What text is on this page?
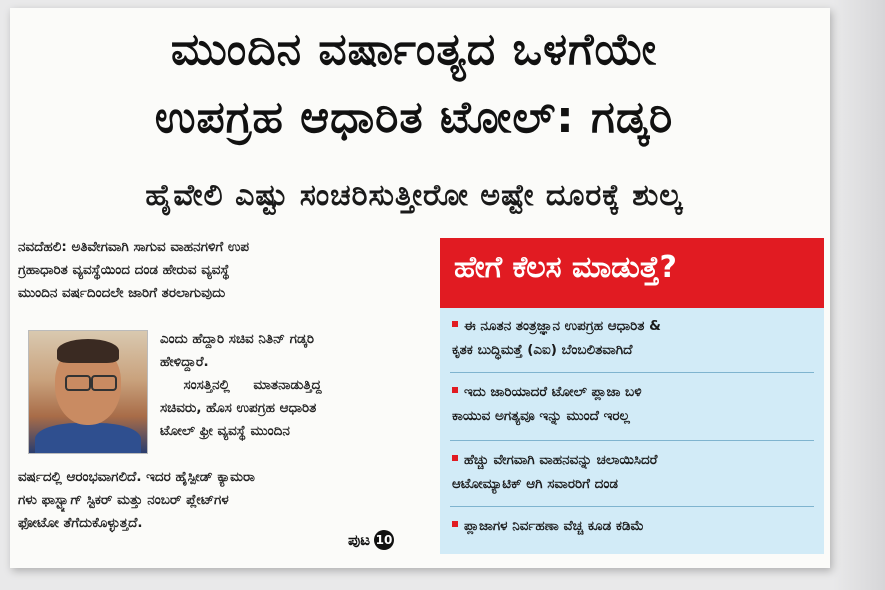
ಮುಂದಿನ ವರ್ಷಾಂತ್ಯದ ಒಳಗೆಯೇ
ಉಪಗ್ರಹ ಆಧಾರಿತ ಟೋಲ್: ಗಡ್ಕರಿ
ಹೈವೇಲಿ ಎಷ್ಟು ಸಂಚರಿಸುತ್ತೀರೋ ಅಷ್ಟೇ ದೂರಕ್ಕೆ ಶುಲ್ಕ
ನವದೆಹಲಿ: ಅತಿವೇಗವಾಗಿ ಸಾಗುವ ವಾಹನಗಳಿಗೆ ಉಪ
ಗ್ರಹಾಧಾರಿತ ವ್ಯವಸ್ಥೆಯಿಂದ ದಂಡ ಹೇರುವ ವ್ಯವಸ್ಥೆ
ಮುಂದಿನ ವರ್ಷದಿಂದಲೇ ಜಾರಿಗೆ ತರಲಾಗುವುದು
ಎಂದು ಹೆದ್ದಾರಿ ಸಚಿವ ನಿತಿನ್ ಗಡ್ಕರಿ
ಹೇಳಿದ್ದಾರೆ.
ಸಂಸತ್ತಿನಲ್ಲಿ     ಮಾತನಾಡುತ್ತಿದ್ದ
ಸಚಿವರು, ಹೊಸ ಉಪಗ್ರಹ ಆಧಾರಿತ
ಟೋಲ್ ಫ್ರೀ ವ್ಯವಸ್ಥೆ ಮುಂದಿನ
ವರ್ಷದಲ್ಲಿ ಆರಂಭವಾಗಲಿದೆ. ಇದರ ಹೈಸ್ಪೀಡ್ ಕ್ಯಾಮರಾ
ಗಳು ಫಾಸ್ಟ್ಯಾಗ್ ಸ್ಟಿಕರ್ ಮತ್ತು ನಂಬರ್ ಪ್ಲೇಟ್‌ಗಳ
ಫೋಟೋ ತೆಗೆದುಕೊಳ್ಳುತ್ತದೆ.
ಪುಟ 10
ಹೇಗೆ ಕೆಲಸ ಮಾಡುತ್ತೆ?
ಈ ನೂತನ ತಂತ್ರಜ್ಞಾನ ಉಪಗ್ರಹ ಆಧಾರಿತ &
ಕೃತಕ ಬುದ್ಧಿಮತ್ತೆ (ಎಐ) ಬೆಂಬಲಿತವಾಗಿದೆ
ಇದು ಜಾರಿಯಾದರೆ ಟೋಲ್ ಪ್ಲಾಜಾ ಬಳಿ
ಕಾಯುವ ಅಗತ್ಯವೂ ಇನ್ನು ಮುಂದೆ ಇರಲ್ಲ
ಹೆಚ್ಚು ವೇಗವಾಗಿ ವಾಹನವನ್ನು ಚಲಾಯಿಸಿದರೆ
ಆಟೋಮ್ಯಾಟಿಕ್ ಆಗಿ ಸವಾರರಿಗೆ ದಂಡ
ಪ್ಲಾಜಾಗಳ ನಿರ್ವಹಣಾ ವೆಚ್ಚ ಕೂಡ ಕಡಿಮೆ
